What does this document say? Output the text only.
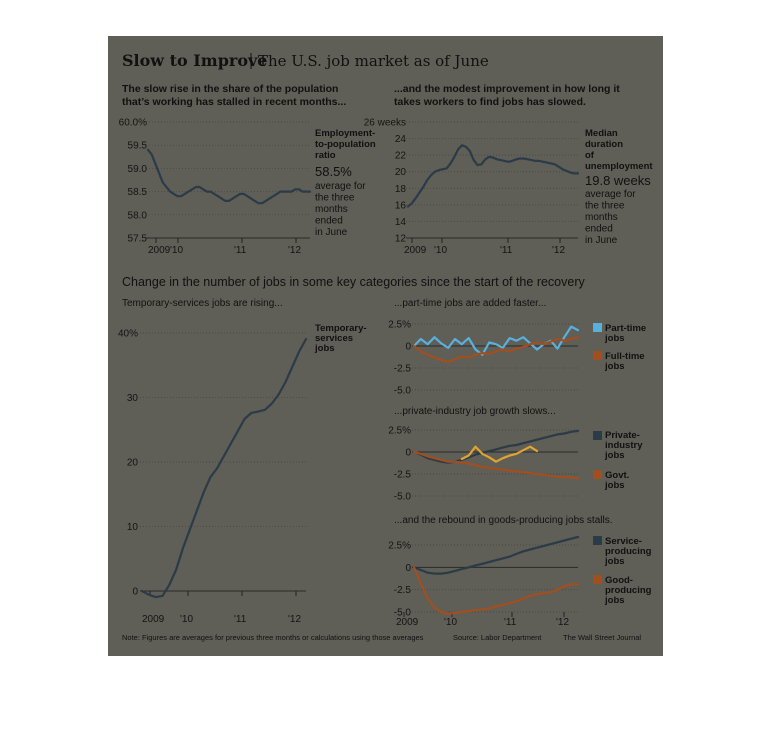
Slow to Improve
The U.S. job market as of June
The slow rise in the share of the population that’s working has stalled in recent months...
...and the modest improvement in how long it takes workers to find jobs has slowed.
60.0%
59.5
59.0
58.5
58.0
57.5
2009 '10	'11	'12
Employment- to-population ratio
58.5%
average for the three months ended in June
26 weeks
24
22
20
18
16
14
12
2009 '10	'11	'12
Median duration of unemployment
19.8 weeks
average for the three months ended in June
Change in the number of jobs in some key categories since the start of the recovery
Temporary-services jobs are rising...	...part-time jobs are added faster...
...private-industry job growth slows...
...and the rebound in goods-producing jobs stalls.
40%
30
20
10
0
2009 '10	'11	'12
Temporary- services jobs
2.5%
0
-2.5
-5.0
2.5%
0
-2.5
-5.0
2.5%
0
-2.5
-5.0
2009	'10	'11	'12
Part-time jobs
Full-time jobs
Private- industry jobs
Govt. jobs
Service- producing jobs
Good- producing jobs
Note: Figures are averages for previous three months or calculations using those averages	Source: Labor Department	The Wall Street Journal
